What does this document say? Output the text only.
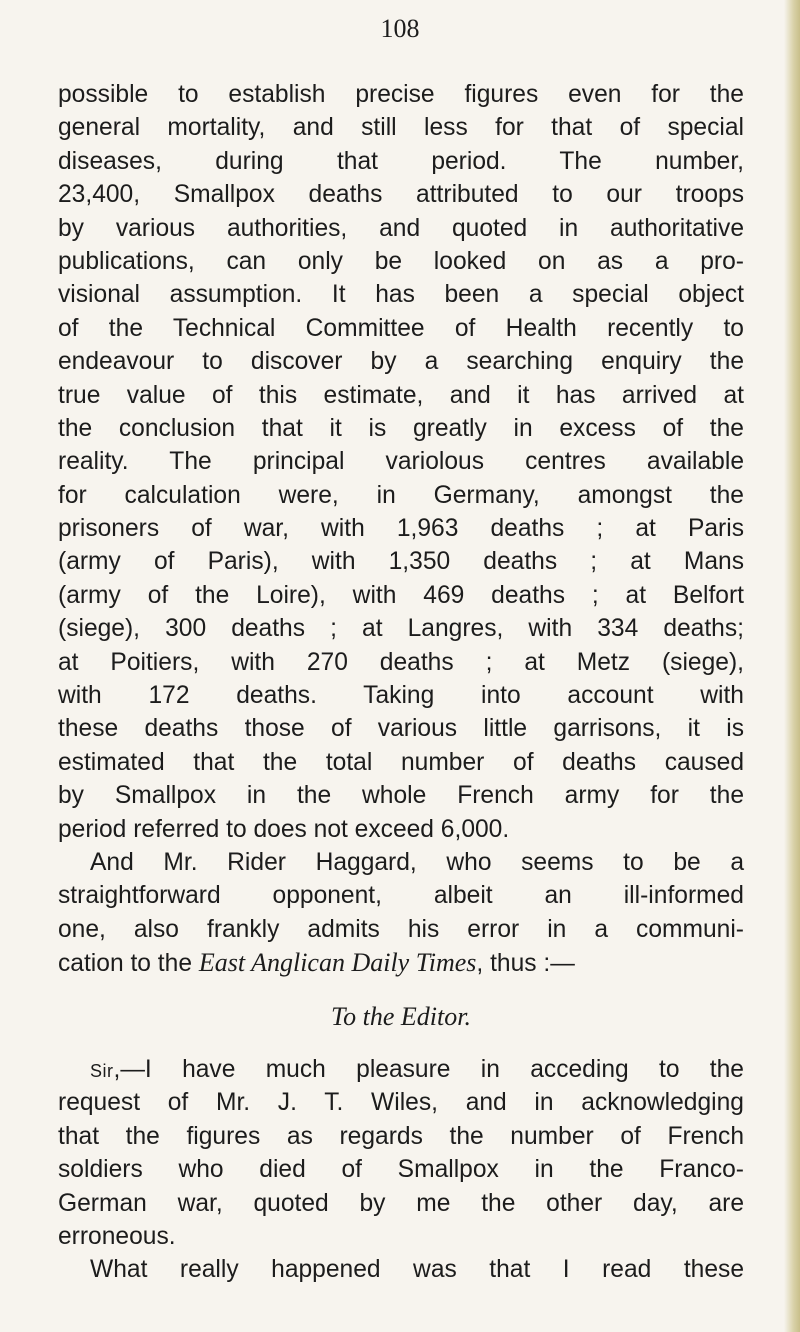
108
possible to establish precise figures even for the
general mortality, and still less for that of special
diseases, during that period. The number,
23,400, Smallpox deaths attributed to our troops
by various authorities, and quoted in authoritative
publications, can only be looked on as a pro-
visional assumption. It has been a special object
of the Technical Committee of Health recently to
endeavour to discover by a searching enquiry the
true value of this estimate, and it has arrived at
the conclusion that it is greatly in excess of the
reality. The principal variolous centres available
for calculation were, in Germany, amongst the
prisoners of war, with 1,963 deaths ; at Paris
(army of Paris), with 1,350 deaths ; at Mans
(army of the Loire), with 469 deaths ; at Belfort
(siege), 300 deaths ; at Langres, with 334 deaths;
at Poitiers, with 270 deaths ; at Metz (siege),
with 172 deaths. Taking into account with
these deaths those of various little garrisons, it is
estimated that the total number of deaths caused
by Smallpox in the whole French army for the
period referred to does not exceed 6,000.
And Mr. Rider Haggard, who seems to be a
straightforward opponent, albeit an ill-informed
one, also frankly admits his error in a communi-
cation to the East Anglican Daily Times, thus :—
To the Editor.
Sir,—I have much pleasure in acceding to the
request of Mr. J. T. Wiles, and in acknowledging
that the figures as regards the number of French
soldiers who died of Smallpox in the Franco-
German war, quoted by me the other day, are
erroneous.
What really happened was that I read these
